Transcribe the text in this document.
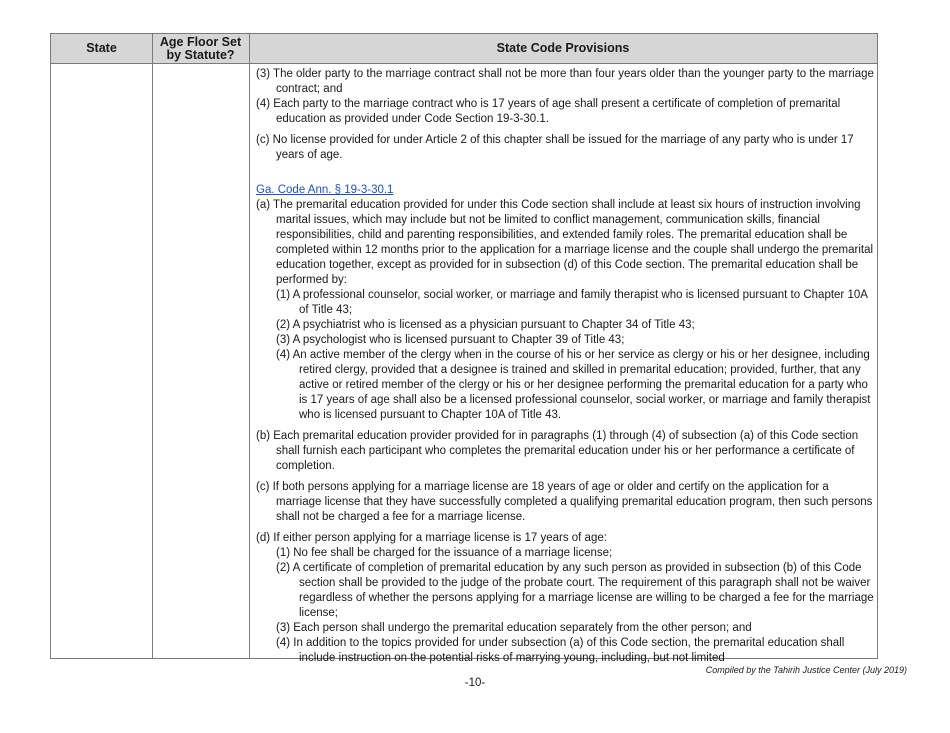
State	Age Floor Set by Statute?	State Code Provisions

(3) The older party to the marriage contract shall not be more than four years older than the younger party to the marriage contract; and

(4) Each party to the marriage contract who is 17 years of age shall present a certificate of completion of premarital education as provided under Code Section 19-3-30.1.

(c) No license provided for under Article 2 of this chapter shall be issued for the marriage of any party who is under 17 years of age.

Ga. Code Ann. § 19-3-30.1

(a) The premarital education provided for under this Code section shall include at least six hours of instruction involving marital issues, which may include but not be limited to conflict management, communication skills, financial responsibilities, child and parenting responsibilities, and extended family roles. The premarital education shall be completed within 12 months prior to the application for a marriage license and the couple shall undergo the premarital education together, except as provided for in subsection (d) of this Code section. The premarital education shall be performed by:

(1) A professional counselor, social worker, or marriage and family therapist who is licensed pursuant to Chapter 10A of Title 43;

(2) A psychiatrist who is licensed as a physician pursuant to Chapter 34 of Title 43;

(3) A psychologist who is licensed pursuant to Chapter 39 of Title 43;

(4) An active member of the clergy when in the course of his or her service as clergy or his or her designee, including retired clergy, provided that a designee is trained and skilled in premarital education; provided, further, that any active or retired member of the clergy or his or her designee performing the premarital education for a party who is 17 years of age shall also be a licensed professional counselor, social worker, or marriage and family therapist who is licensed pursuant to Chapter 10A of Title 43.

(b) Each premarital education provider provided for in paragraphs (1) through (4) of subsection (a) of this Code section shall furnish each participant who completes the premarital education under his or her performance a certificate of completion.

(c) If both persons applying for a marriage license are 18 years of age or older and certify on the application for a marriage license that they have successfully completed a qualifying premarital education program, then such persons shall not be charged a fee for a marriage license.

(d) If either person applying for a marriage license is 17 years of age:

(1) No fee shall be charged for the issuance of a marriage license;

(2) A certificate of completion of premarital education by any such person as provided in subsection (b) of this Code section shall be provided to the judge of the probate court. The requirement of this paragraph shall not be waiver regardless of whether the persons applying for a marriage license are willing to be charged a fee for the marriage license;

(3) Each person shall undergo the premarital education separately from the other person; and

(4) In addition to the topics provided for under subsection (a) of this Code section, the premarital education shall include instruction on the potential risks of marrying young, including, but not limited

Compiled by the Tahirih Justice Center (July 2019)
-10-
